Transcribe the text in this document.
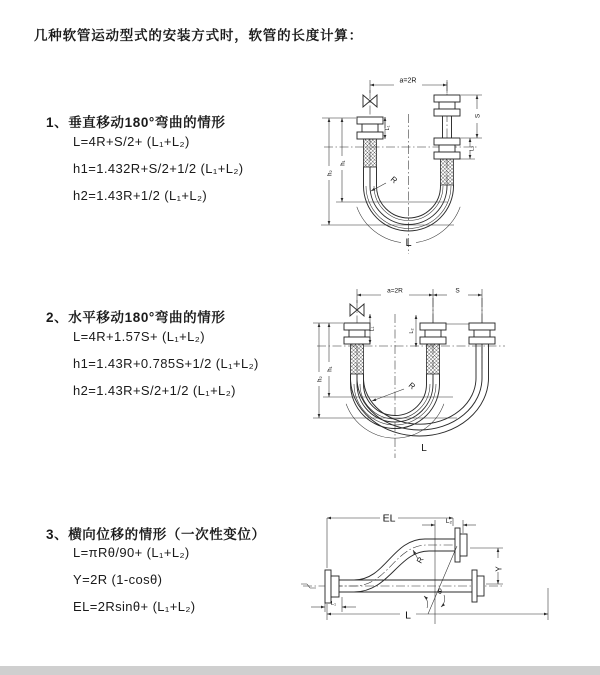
几种软管运动型式的安装方式时，软管的长度计算：
1、垂直移动180°弯曲的情形
L=4R+S/2+ (L₁+L₂)
h1=1.432R+S/2+1/2 (L₁+L₂)
h2=1.43R+1/2 (L₁+L₂)
2、水平移动180°弯曲的情形
L=4R+1.57S+ (L₁+L₂)
h1=1.43R+0.785S+1/2 (L₁+L₂)
h2=1.43R+S/2+1/2 (L₁+L₂)
3、横向位移的情形（一次性变位）
L=πRθ/90+ (L₁+L₂)
Y=2R (1-cosθ)
EL=2Rsinθ+ (L₁+L₂)
a=2R
h₁
h₂
L₁
S
L₂
R
L
a=2R	S
h₁
h₂
L₁	L₂
R
L
EL	L₂
Y
R
θ
L
L₁
